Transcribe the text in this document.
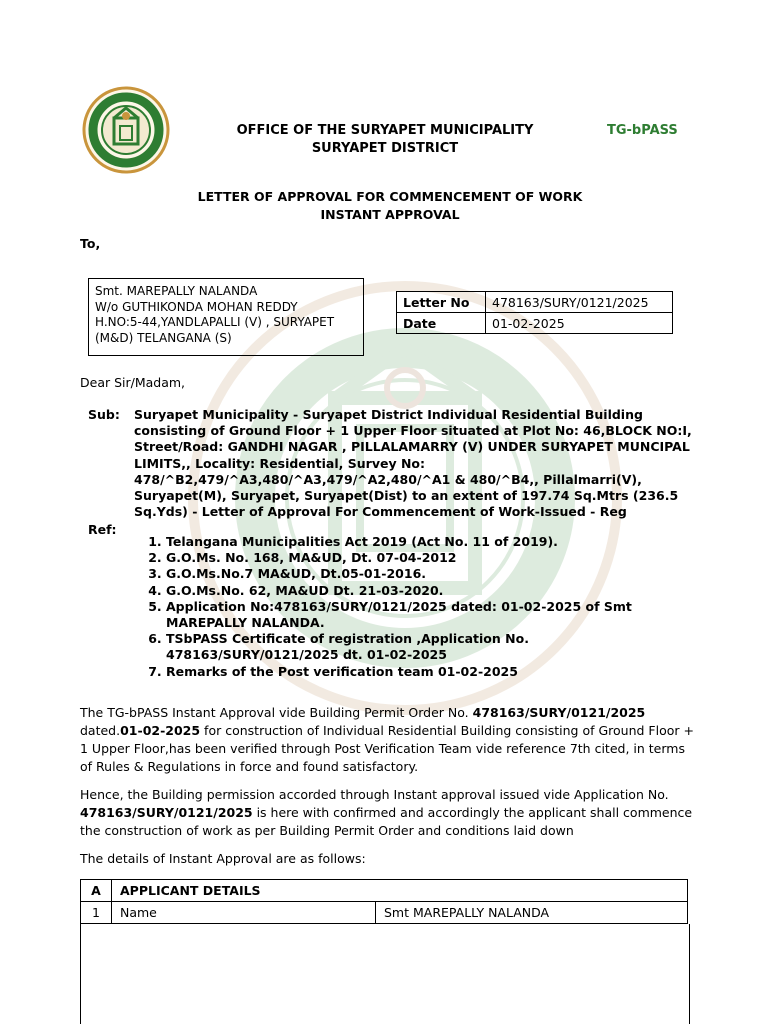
OFFICE OF THE SURYAPET MUNICIPALITY
SURYAPET DISTRICT
TG-bPASS
LETTER OF APPROVAL FOR COMMENCEMENT OF WORK
INSTANT APPROVAL
To,
Smt. MAREPALLY NALANDA
W/o GUTHIKONDA MOHAN REDDY
H.NO:5-44,YANDLAPALLI (V) , SURYAPET
(M&D) TELANGANA (S)
Letter No	478163/SURY/0121/2025
Date	01-02-2025
Dear Sir/Madam,
Sub: Suryapet Municipality - Suryapet District Individual Residential Building consisting of Ground Floor + 1 Upper Floor situated at Plot No: 46,BLOCK NO:I, Street/Road: GANDHI NAGAR , PILLALAMARRY (V) UNDER SURYAPET MUNCIPAL LIMITS,, Locality: Residential, Survey No: 478/^B2,479/^A3,480/^A3,479/^A2,480/^A1 & 480/^B4,, Pillalmarri(V), Suryapet(M), Suryapet, Suryapet(Dist) to an extent of 197.74 Sq.Mtrs (236.5 Sq.Yds) - Letter of Approval For Commencement of Work-Issued - Reg
Ref:
1. Telangana Municipalities Act 2019 (Act No. 11 of 2019).
2. G.O.Ms. No. 168, MA&UD, Dt. 07-04-2012
3. G.O.Ms.No.7 MA&UD, Dt.05-01-2016.
4. G.O.Ms.No. 62, MA&UD Dt. 21-03-2020.
5. Application No:478163/SURY/0121/2025 dated: 01-02-2025 of Smt MAREPALLY NALANDA.
6. TSbPASS Certificate of registration ,Application No. 478163/SURY/0121/2025 dt. 01-02-2025
7. Remarks of the Post verification team 01-02-2025
The TG-bPASS Instant Approval vide Building Permit Order No. 478163/SURY/0121/2025 dated.01-02-2025 for construction of Individual Residential Building consisting of Ground Floor + 1 Upper Floor,has been verified through Post Verification Team vide reference 7th cited, in terms of Rules & Regulations in force and found satisfactory.
Hence, the Building permission accorded through Instant approval issued vide Application No. 478163/SURY/0121/2025 is here with confirmed and accordingly the applicant shall commence the construction of work as per Building Permit Order and conditions laid down
The details of Instant Approval are as follows:
A	APPLICANT DETAILS	
1	Name	Smt MAREPALLY NALANDA
